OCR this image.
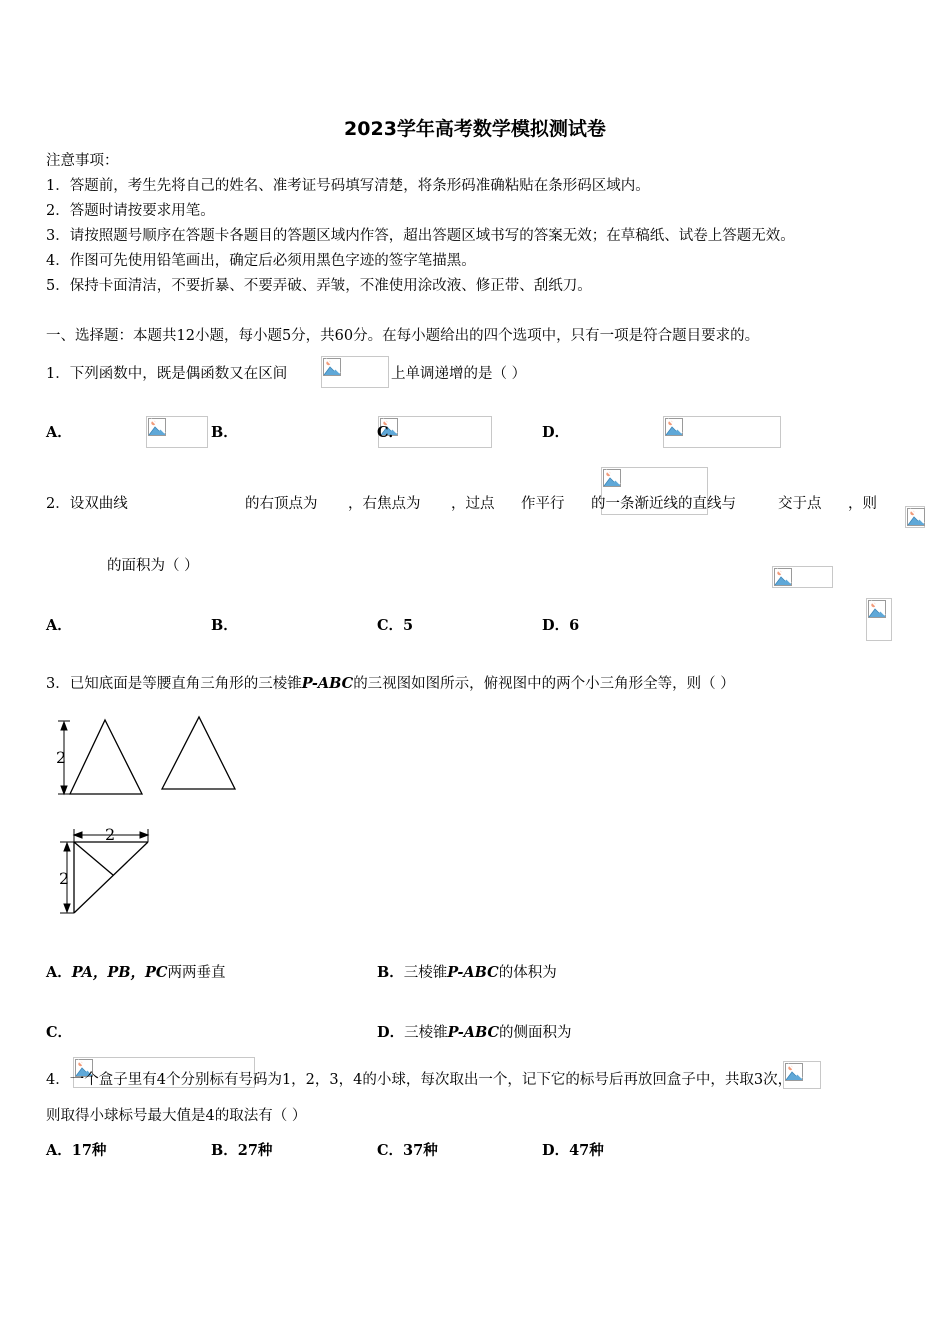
2023学年高考数学模拟测试卷
注意事项：
1．答题前，考生先将自己的姓名、准考证号码填写清楚，将条形码准确粘贴在条形码区域内。
2．答题时请按要求用笔。
3．请按照题号顺序在答题卡各题目的答题区域内作答，超出答题区域书写的答案无效；在草稿纸、试卷上答题无效。
4．作图可先使用铅笔画出，确定后必须用黑色字迹的签字笔描黑。
5．保持卡面清洁，不要折暴、不要弄破、弄皱，不准使用涂改液、修正带、刮纸刀。
一、选择题：本题共12小题，每小题5分，共60分。在每小题给出的四个选项中，只有一项是符合题目要求的。
1．下列函数中，既是偶函数又在区间
	上单调递增的是（ ）
A．
	B．
	C．
	D．

2．设双曲线
	的右顶点为
，右焦点为
，过点
作平行
的一条渐近线的直线与
	交于点
，则

的面积为（ ）
A．
	B．
	C．5	D．6
3．已知底面是等腰直角三角形的三棱锥P-ABC的三视图如图所示，俯视图中的两个小三角形全等，则（ ）
2
2
2
A．PA，PB，PC两两垂直	B．三棱锥P-ABC的体积为

C．
	D．三棱锥P-ABC的侧面积为
4．一个盒子里有4个分别标有号码为1，2，3，4的小球，每次取出一个，记下它的标号后再放回盒子中，共取3次，
则取得小球标号最大值是4的取法有（ ）
A．17种	B．27种	C．37种	D．47种
